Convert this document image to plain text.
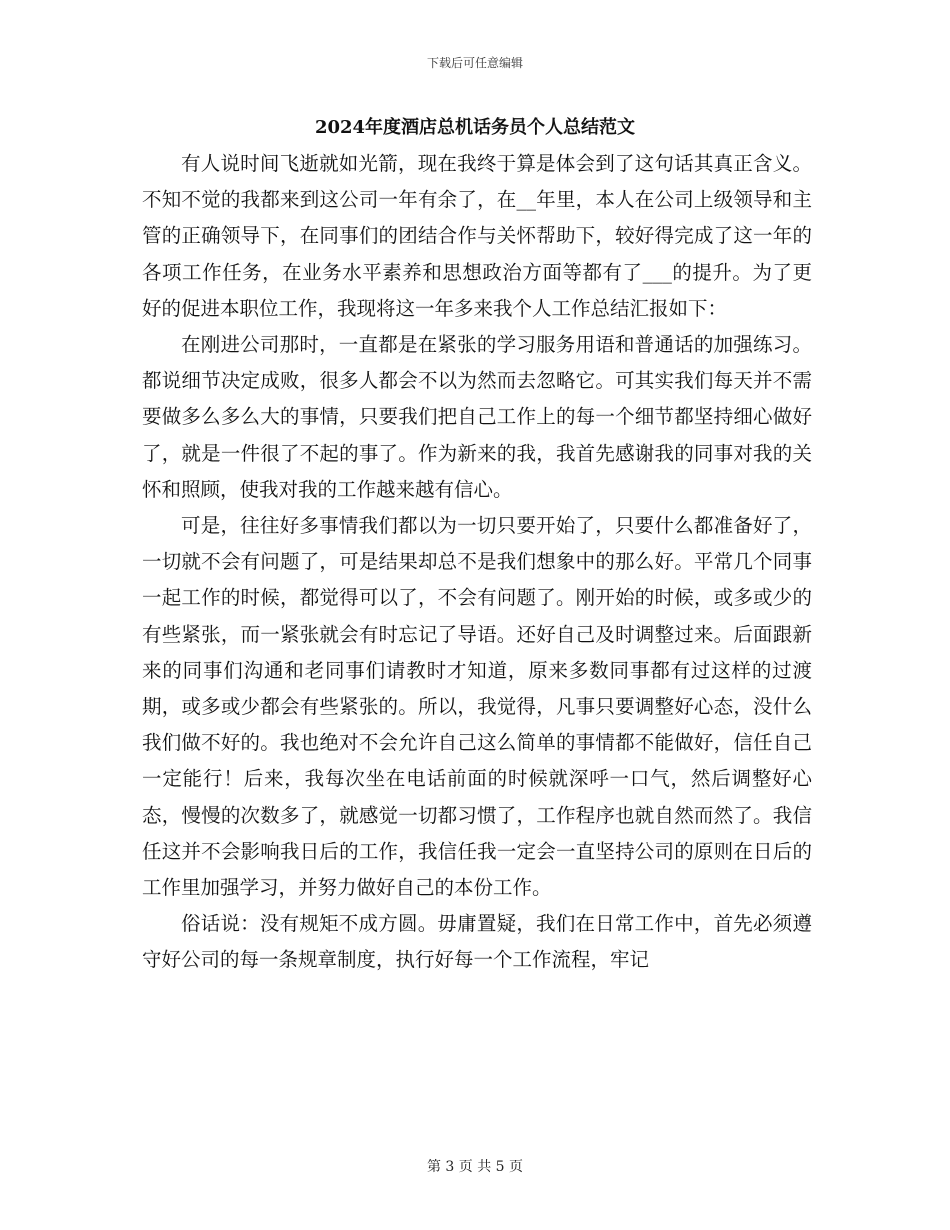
下载后可任意编辑
2024年度酒店总机话务员个人总结范文

有人说时间飞逝就如光箭，现在我终于算是体会到了这句话其真正含义。不知不觉的我都来到这公司一年有余了，在__年里，本人在公司上级领导和主管的正确领导下，在同事们的团结合作与关怀帮助下，较好得完成了这一年的各项工作任务，在业务水平素养和思想政治方面等都有了___的提升。为了更好的促进本职位工作，我现将这一年多来我个人工作总结汇报如下：

在刚进公司那时，一直都是在紧张的学习服务用语和普通话的加强练习。都说细节决定成败，很多人都会不以为然而去忽略它。可其实我们每天并不需要做多么多么大的事情，只要我们把自己工作上的每一个细节都坚持细心做好了，就是一件很了不起的事了。作为新来的我，我首先感谢我的同事对我的关怀和照顾，使我对我的工作越来越有信心。

可是，往往好多事情我们都以为一切只要开始了，只要什么都准备好了，一切就不会有问题了，可是结果却总不是我们想象中的那么好。平常几个同事一起工作的时候，都觉得可以了，不会有问题了。刚开始的时候，或多或少的有些紧张，而一紧张就会有时忘记了导语。还好自己及时调整过来。后面跟新来的同事们沟通和老同事们请教时才知道，原来多数同事都有过这样的过渡期，或多或少都会有些紧张的。所以，我觉得，凡事只要调整好心态，没什么我们做不好的。我也绝对不会允许自己这么简单的事情都不能做好，信任自己一定能行！后来，我每次坐在电话前面的时候就深呼一口气，然后调整好心态，慢慢的次数多了，就感觉一切都习惯了，工作程序也就自然而然了。我信任这并不会影响我日后的工作，我信任我一定会一直坚持公司的原则在日后的工作里加强学习，并努力做好自己的本份工作。

俗话说：没有规矩不成方圆。毋庸置疑，我们在日常工作中，首先必须遵守好公司的每一条规章制度，执行好每一个工作流程，牢记

第 3 页 共 5 页
